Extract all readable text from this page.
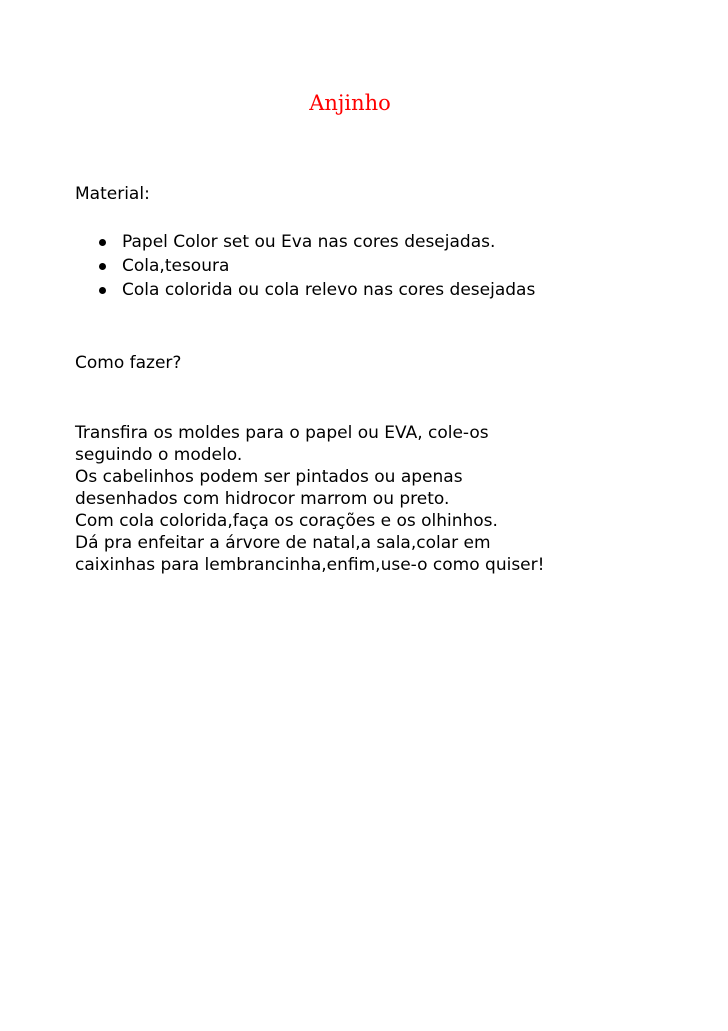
Anjinho

Material:

Papel Color set ou Eva nas cores desejadas.
Cola,tesoura
Cola colorida ou cola relevo nas cores desejadas

Como fazer?

Transfira os moldes para o papel ou EVA, cole-os

seguindo o modelo.

Os cabelinhos podem ser pintados ou apenas

desenhados com hidrocor marrom ou preto.

Com cola colorida,faça os corações e os olhinhos.

Dá pra enfeitar a árvore de natal,a sala,colar em

caixinhas para lembrancinha,enfim,use-o como quiser!
